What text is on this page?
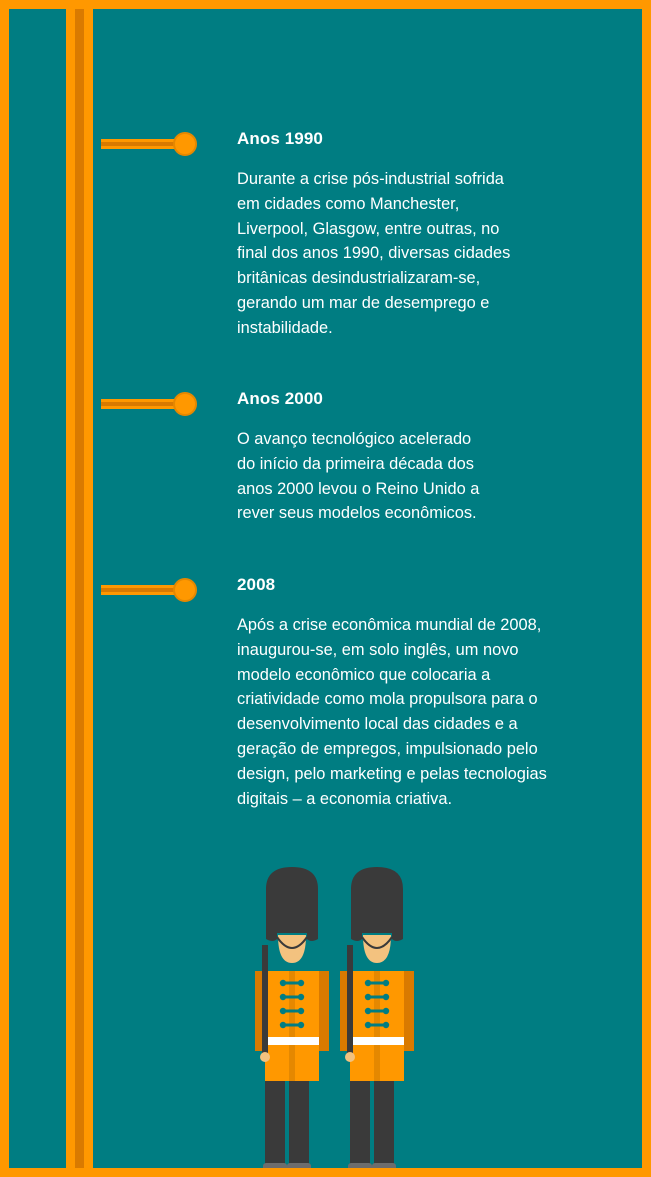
Anos 1990

Durante a crise pós-industrial sofrida
em cidades como Manchester,
Liverpool, Glasgow, entre outras, no
final dos anos 1990, diversas cidades
britânicas desindustrializaram-se,
gerando um mar de desemprego e
instabilidade.

Anos 2000

O avanço tecnológico acelerado
do início da primeira década dos
anos 2000 levou o Reino Unido a
rever seus modelos econômicos.

2008

Após a crise econômica mundial de 2008,
inaugurou-se, em solo inglês, um novo
modelo econômico que colocaria a
criatividade como mola propulsora para o
desenvolvimento local das cidades e a
geração de empregos, impulsionado pelo
design, pelo marketing e pelas tecnologias
digitais – a economia criativa.
